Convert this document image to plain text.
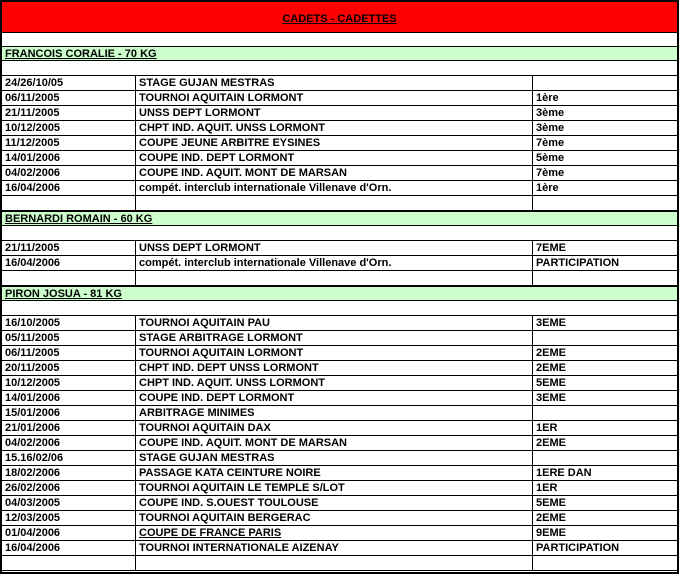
CADETS - CADETTES
FRANCOIS CORALIE - 70 KG
24/26/10/05	STAGE GUJAN MESTRAS
06/11/2005	TOURNOI AQUITAIN LORMONT	1ère
21/11/2005	UNSS DEPT LORMONT	3ème
10/12/2005	CHPT IND. AQUIT. UNSS LORMONT	3ème
11/12/2005	COUPE JEUNE ARBITRE EYSINES	7ème
14/01/2006	COUPE IND. DEPT LORMONT	5ème
04/02/2006	COUPE IND. AQUIT. MONT DE MARSAN	7ème
16/04/2006	compét. interclub internationale Villenave d'Orn.	1ère
BERNARDI ROMAIN - 60 KG
21/11/2005	UNSS DEPT LORMONT	7EME
16/04/2006	compét. interclub internationale Villenave d'Orn.	PARTICIPATION
PIRON JOSUA - 81 KG
16/10/2005	TOURNOI AQUITAIN PAU	3EME
05/11/2005	STAGE ARBITRAGE LORMONT
06/11/2005	TOURNOI AQUITAIN LORMONT	2EME
20/11/2005	CHPT IND. DEPT UNSS LORMONT	2EME
10/12/2005	CHPT IND. AQUIT. UNSS LORMONT	5EME
14/01/2006	COUPE IND. DEPT LORMONT	3EME
15/01/2006	ARBITRAGE MINIMES
21/01/2006	TOURNOI AQUITAIN DAX	1ER
04/02/2006	COUPE IND. AQUIT. MONT DE MARSAN	2EME
15.16/02/06	STAGE GUJAN MESTRAS
18/02/2006	PASSAGE KATA CEINTURE NOIRE	1ERE DAN
26/02/2006	TOURNOI AQUITAIN LE TEMPLE S/LOT	1ER
04/03/2005	COUPE IND. S.OUEST TOULOUSE	5EME
12/03/2005	TOURNOI AQUITAIN BERGERAC	2EME
01/04/2006	COUPE DE FRANCE PARIS	9EME
16/04/2006	TOURNOI INTERNATIONALE AIZENAY	PARTICIPATION
